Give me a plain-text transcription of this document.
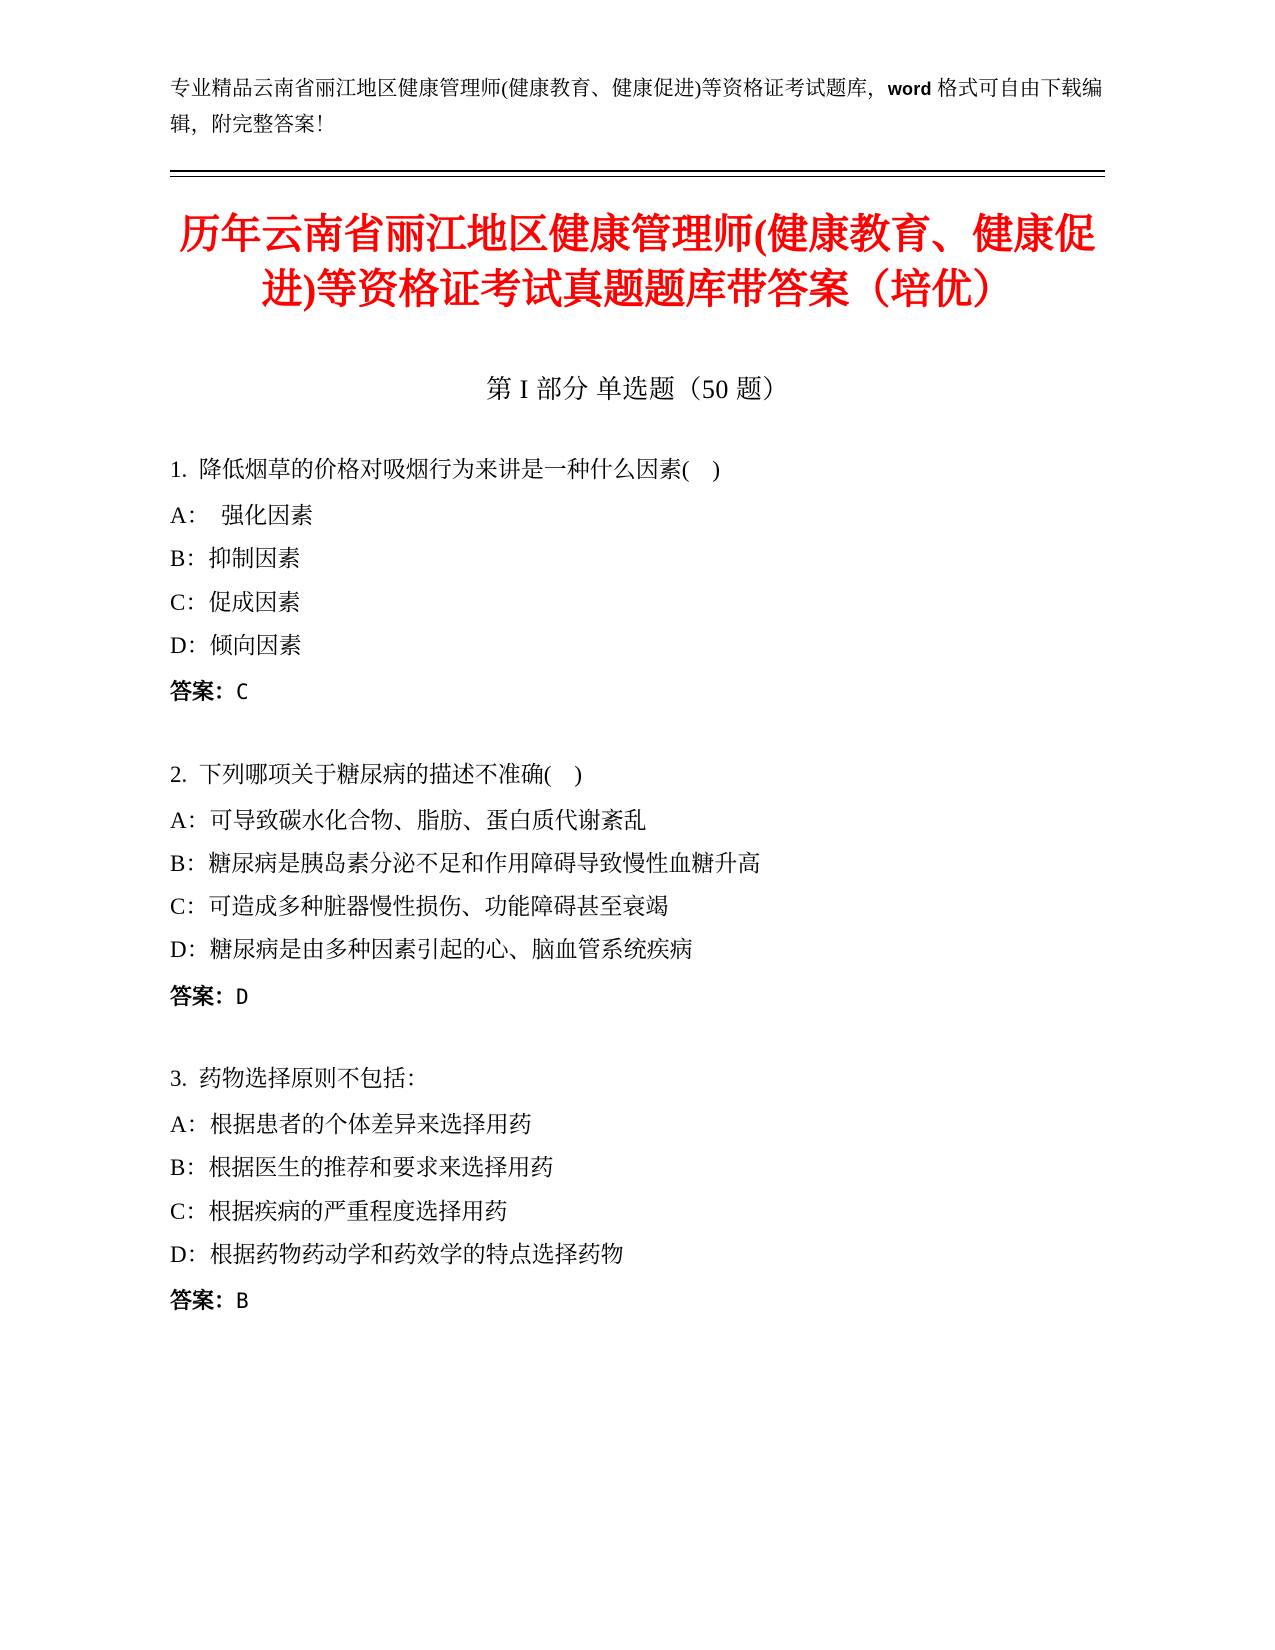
专业精品云南省丽江地区健康管理师(健康教育、健康促进)等资格证考试题库，word 格式可自由下载编辑，附完整答案！
历年云南省丽江地区健康管理师(健康教育、健康促进)等资格证考试真题题库带答案（培优）
第 I 部分 单选题（50 题）
1.  降低烟草的价格对吸烟行为来讲是一种什么因素(    )
A：  强化因素
B：抑制因素
C：促成因素
D：倾向因素
答案：C
2.  下列哪项关于糖尿病的描述不准确(    )
A：可导致碳水化合物、脂肪、蛋白质代谢紊乱
B：糖尿病是胰岛素分泌不足和作用障碍导致慢性血糖升高
C：可造成多种脏器慢性损伤、功能障碍甚至衰竭
D：糖尿病是由多种因素引起的心、脑血管系统疾病
答案：D
3.  药物选择原则不包括：
A：根据患者的个体差异来选择用药
B：根据医生的推荐和要求来选择用药
C：根据疾病的严重程度选择用药
D：根据药物药动学和药效学的特点选择药物
答案：B
